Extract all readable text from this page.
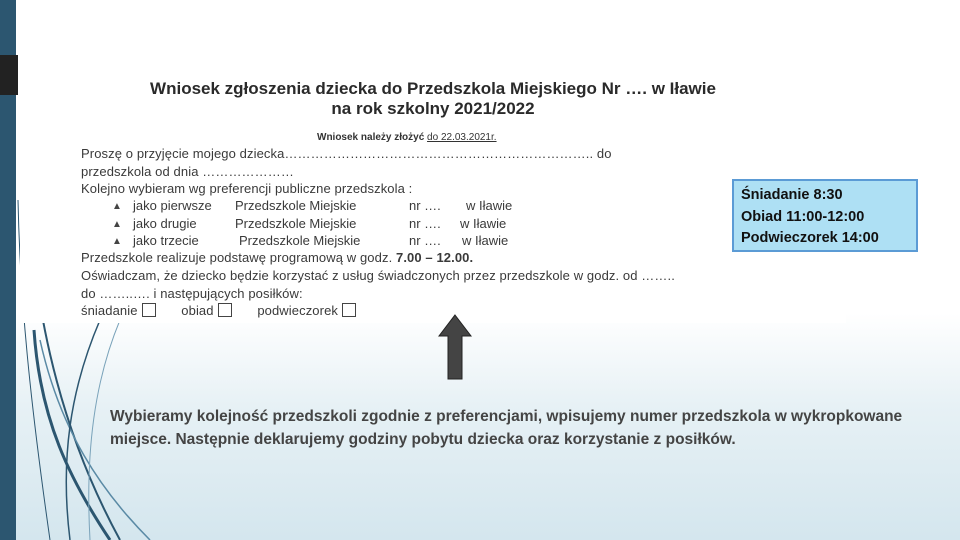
Wniosek zgłoszenia dziecka do Przedszkola Miejskiego Nr …. w Iławie
na rok szkolny 2021/2022
Wniosek należy złożyć do 22.03.2021r.
Proszę o przyjęcie mojego dziecka…………………………………………………………….. do
przedszkola od dnia …………………
Kolejno wybieram wg preferencji publiczne przedszkola :
▲ jako pierwsze Przedszkole Miejskie	nr …. w Iławie
▲ jako drugie	Przedszkole Miejskie	nr …. w Iławie
▲ jako trzecie	Przedszkole Miejskie	nr …. w Iławie
Przedszkole realizuje podstawę programową w godz. 7.00 – 12.00.
Oświadczam, że dziecko będzie korzystać z usług świadczonych przez przedszkole w godz. od ……..
do ……..…. i następujących posiłków:
śniadanie	obiad	podwieczorek
Śniadanie 8:30
Obiad 11:00-12:00
Podwieczorek 14:00
Wybieramy kolejność przedszkoli zgodnie z preferencjami, wpisujemy numer przedszkola w wykropkowane miejsce. Następnie deklarujemy godziny pobytu dziecka oraz korzystanie z posiłków.
